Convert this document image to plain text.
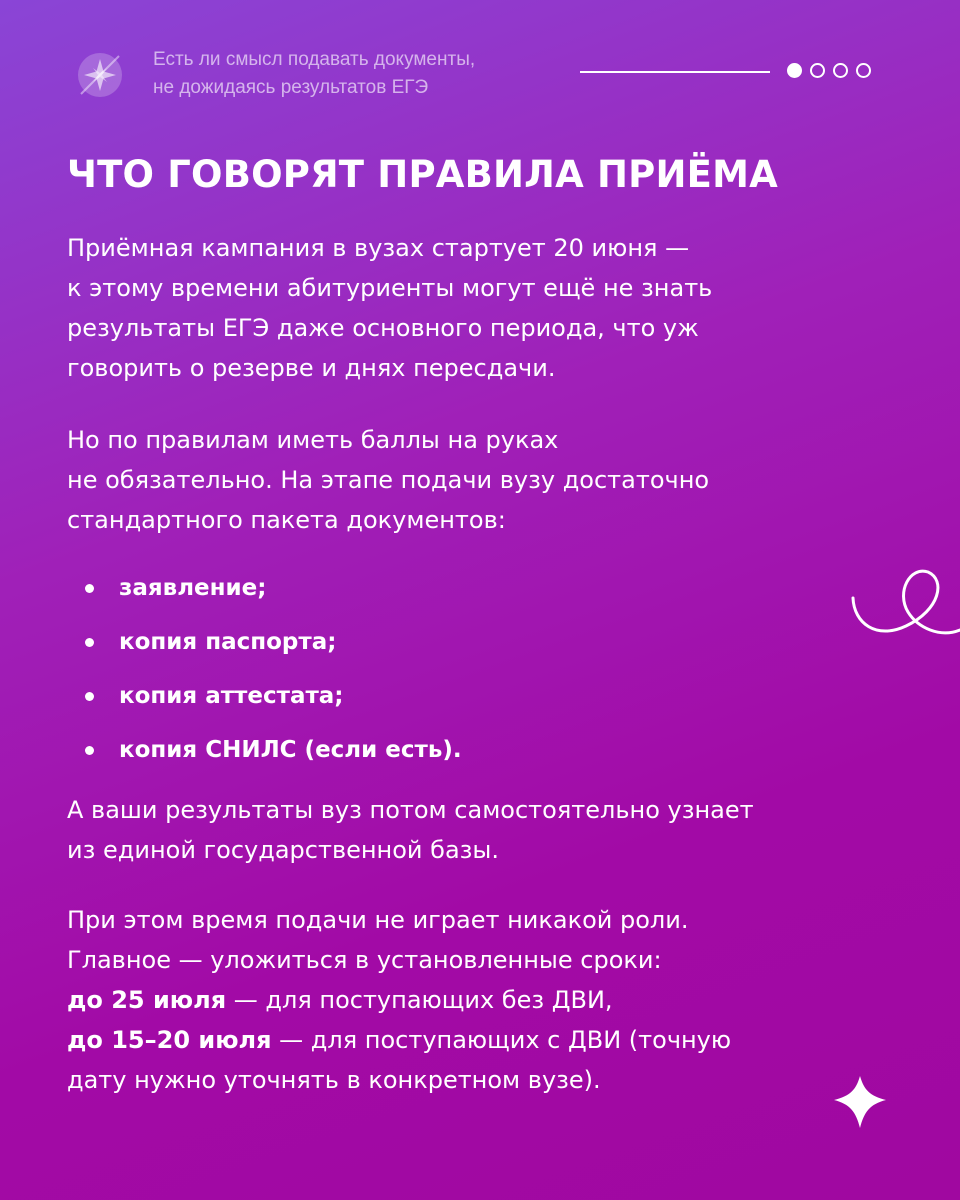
Есть ли смысл подавать документы,
не дожидаясь результатов ЕГЭ
ЧТО ГОВОРЯТ ПРАВИЛА ПРИЁМА

Приёмная кампания в вузах стартует 20 июня —
к этому времени абитуриенты могут ещё не знать
результаты ЕГЭ даже основного периода, что уж
говорить о резерве и днях пересдачи.

Но по правилам иметь баллы на руках
не обязательно. На этапе подачи вузу достаточно
стандартного пакета документов:

заявление;
копия паспорта;
копия аттестата;
копия СНИЛС (если есть).

А ваши результаты вуз потом самостоятельно узнает
из единой государственной базы.

При этом время подачи не играет никакой роли.
Главное — уложиться в установленные сроки:
до 25 июля — для поступающих без ДВИ,
до 15–20 июля — для поступающих с ДВИ (точную
дату нужно уточнять в конкретном вузе).
